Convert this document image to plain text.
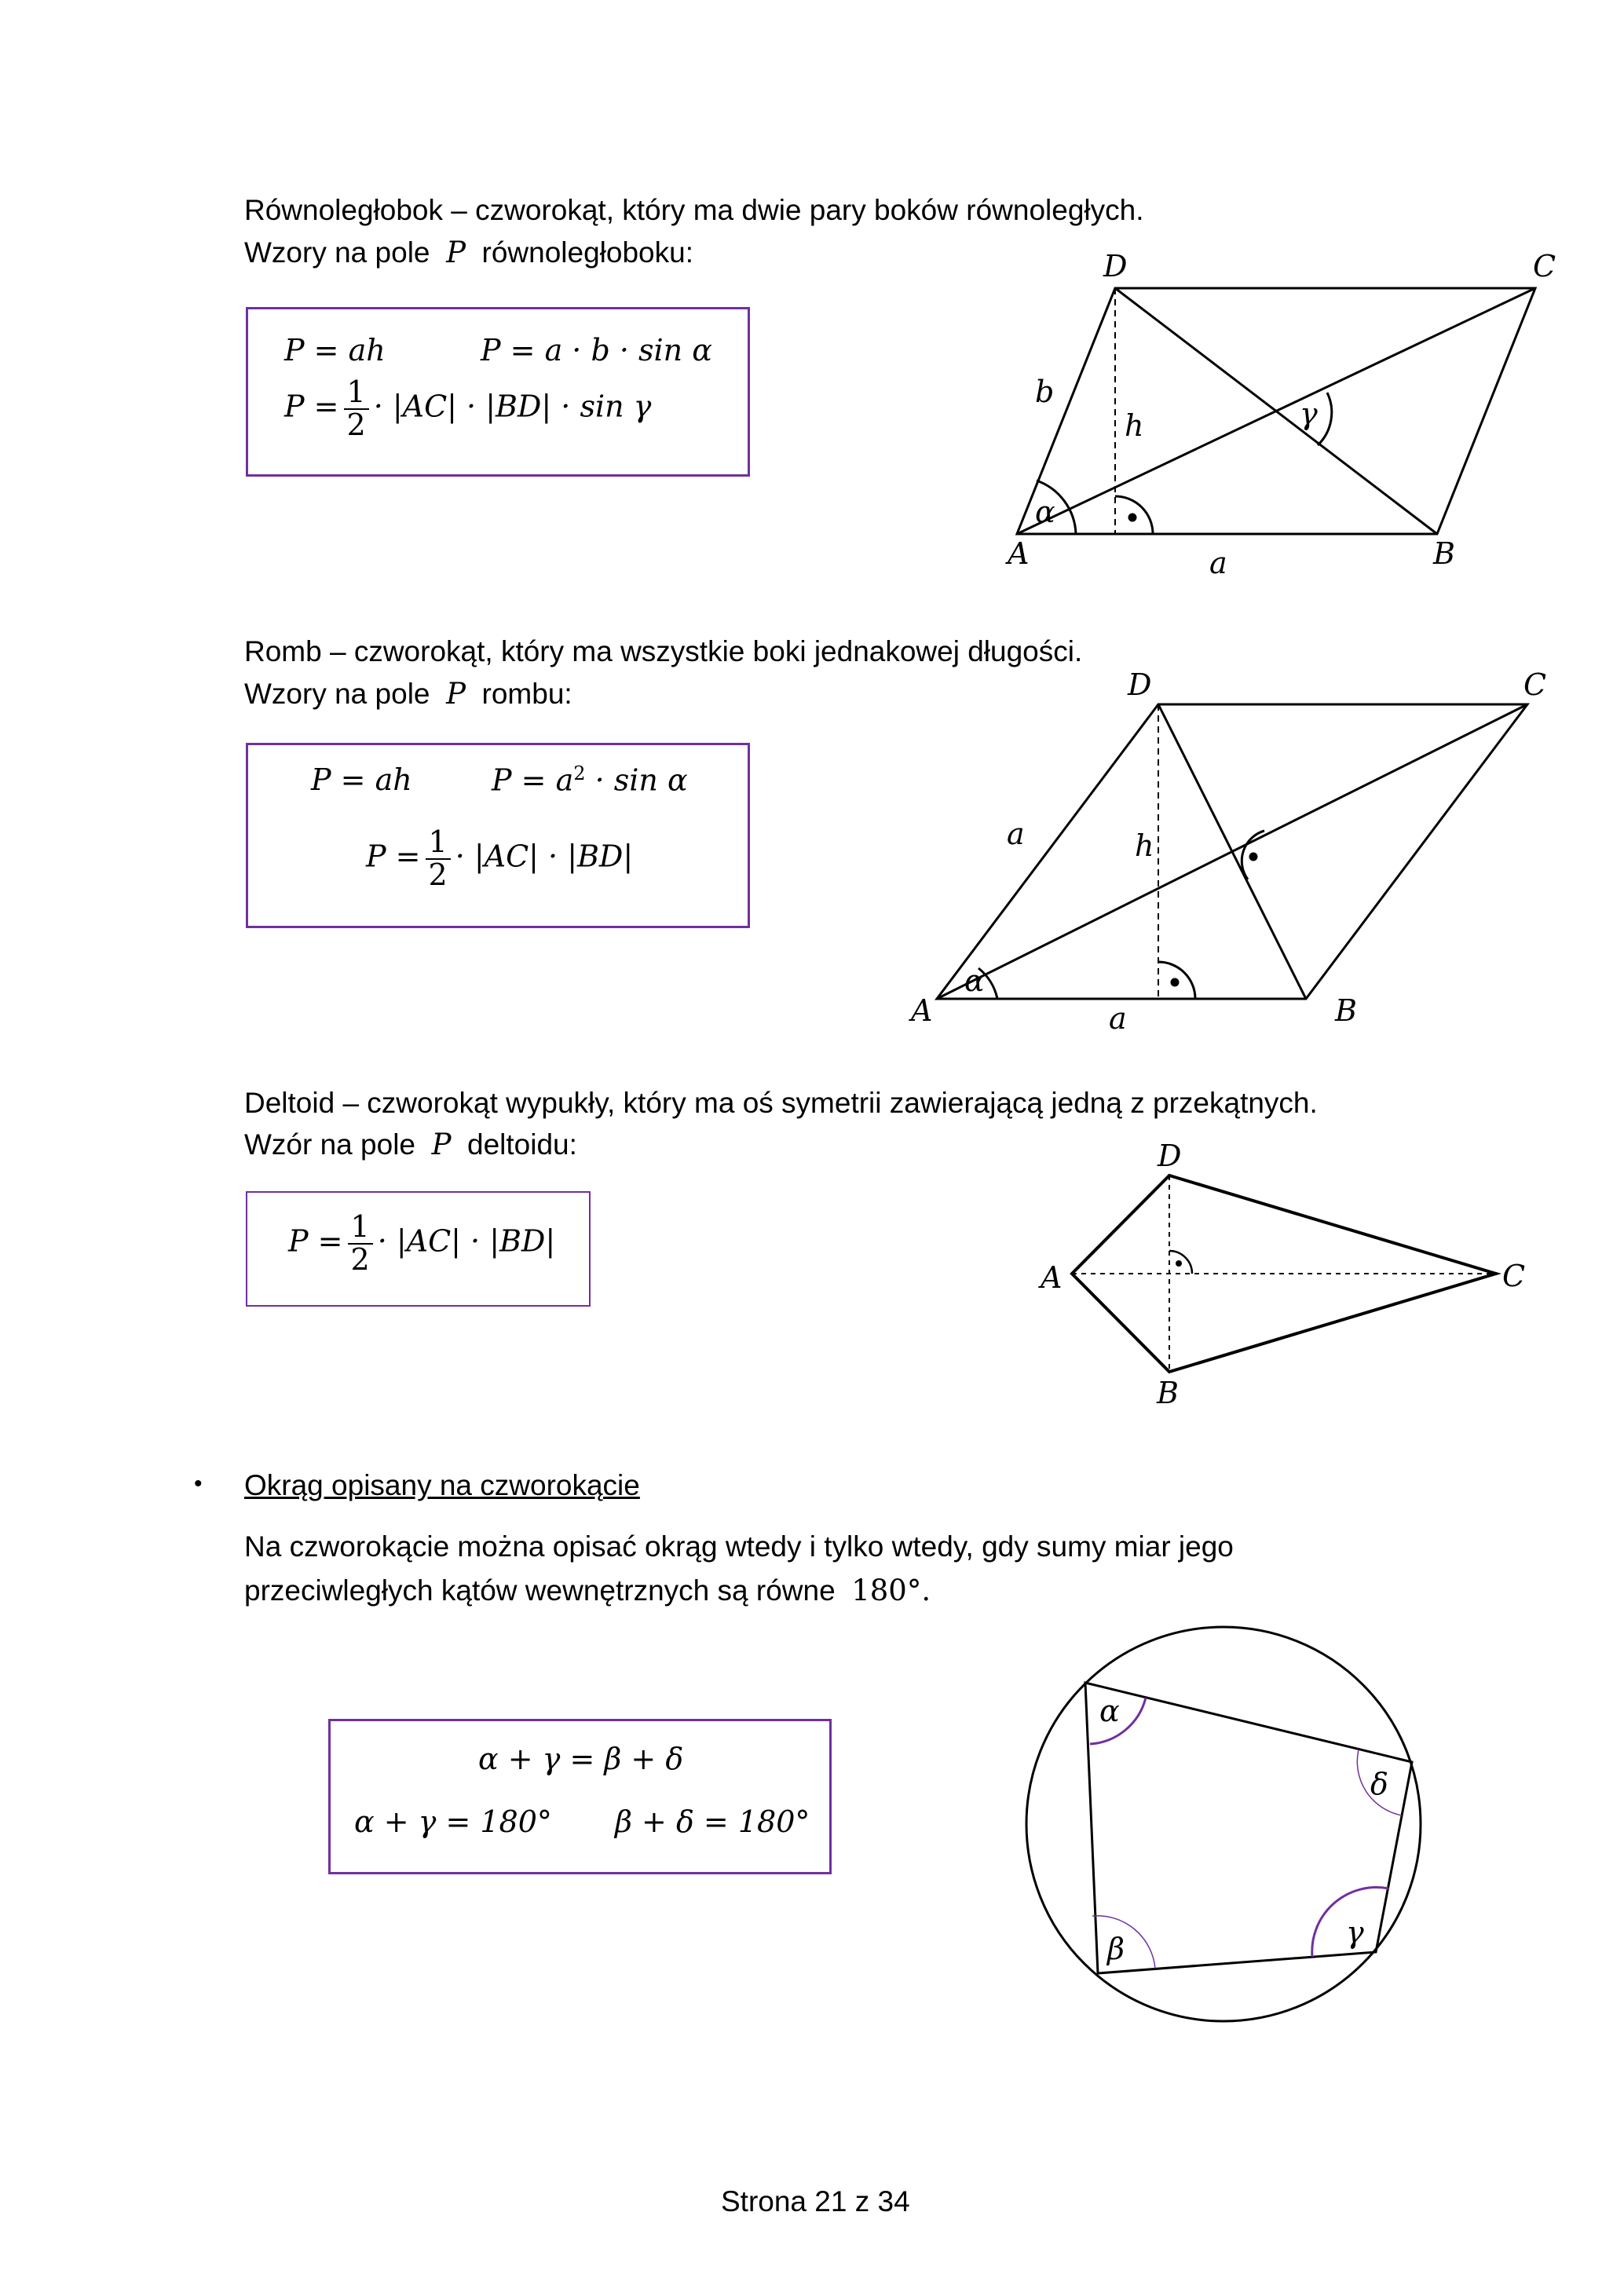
Równoległobok – czworokąt, który ma dwie pary boków równoległych.
Wzory na pole P równoległoboku:
P = ah	P = a · b · sin α
$P = \frac{1}{2} \cdot |AC| \cdot |BD| \cdot \sin \gamma$
A	B
C
D
a
b
h
α
γ
A	B
C
D
a
a
h
α
A
B
C
D
α
δ
γ
β
Romb – czworokąt, który ma wszystkie boki jednakowej długości.
Wzory na pole P rombu:
P = ah	$P = a^2 \cdot \sin \alpha$
$P = \frac{1}{2} \cdot |AC| \cdot |BD|$
Deltoid – czworokąt wypukły, który ma oś symetrii zawierającą jedną z przekątnych.
Wzór na pole P deltoidu:
$P = \frac{1}{2} \cdot |AC| \cdot |BD|$
• Okrąg opisany na czworokącie
Na czworokącie można opisać okrąg wtedy i tylko wtedy, gdy sumy miar jego
przeciwległych kątów wewnętrznych są równe 180°.
α + γ = β + δ
α + γ = 180° β + δ = 180°
Strona 21 z 34
